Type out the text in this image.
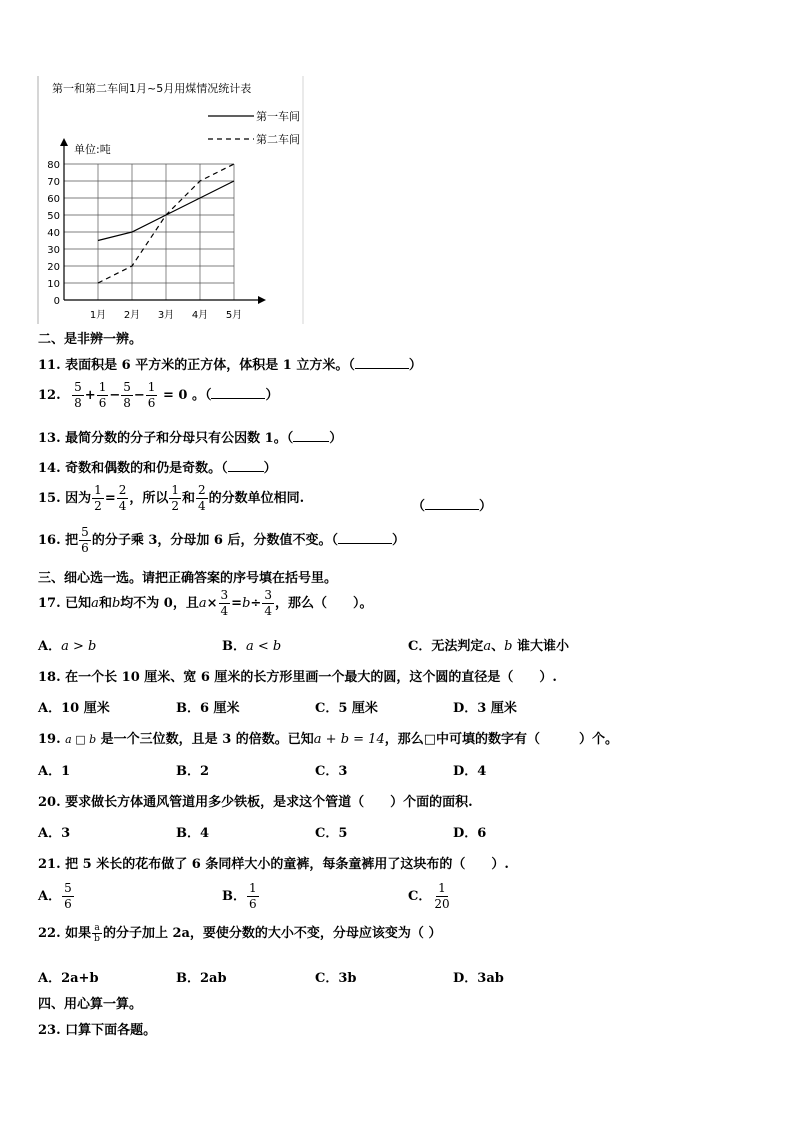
第一和第二车间1月~5月用煤情况统计表
第一车间
第二车间
单位:吨
0
10
20
30
40
50
60
70
80
1月 2月 3月 4月 5月
二、是非辨一辨。
11. 表面积是 6 平方米的正方体，体积是 1 立方米。（	）
12. $\frac{5}{8} + \frac{1}{6} - \frac{5}{8} - \frac{1}{6} = 0$ 。（	）
13. 最简分数的分子和分母只有公因数 1。（	）
14. 奇数和偶数的和仍是奇数。（	）
15. 因为 $\frac{1}{2} = \frac{2}{4}$ ，所以 $\frac{1}{2}$ 和 $\frac{2}{4}$ 的分数单位相同.
（	）
16. 把 $\frac{5}{6}$ 的分子乘 3，分母加 6 后，分数值不变。（	）
三、细心选一选。请把正确答案的序号填在括号里。
17. 已知a和b均不为 0，且$a\times \frac{3}{4} =b\div \frac{3}{4}$ ，那么（　　）。
A．a > b	B．a < b	C．无法判定a、b 谁大谁小
18. 在一个长 10 厘米、宽 6 厘米的长方形里画一个最大的圆，这个圆的直径是（　　）.
A．10 厘米	B．6 厘米	C．5 厘米	D．3 厘米
19. a □ b 是一个三位数，且是 3 的倍数。已知a + b = 14，那么□中可填的数字有（　　　）个。
A．1	B．2	C．3	D．4
20. 要求做长方体通风管道用多少铁板，是求这个管道（　　）个面的面积.
A．3	B．4	C．5	D．6
21. 把 5 米长的花布做了 6 条同样大小的童裤，每条童裤用了这块布的（　　）.
A． $\frac{5}{6}$	B． $\frac{1}{6}$	C． $\frac{1}{20}$
22. 如果 $\frac{a}{b}$ 的分子加上 2a，要使分数的大小不变，分母应该变为（ ）
A．2a+b	B．2ab	C．3b	D．3ab
四、用心算一算。
23. 口算下面各题。
